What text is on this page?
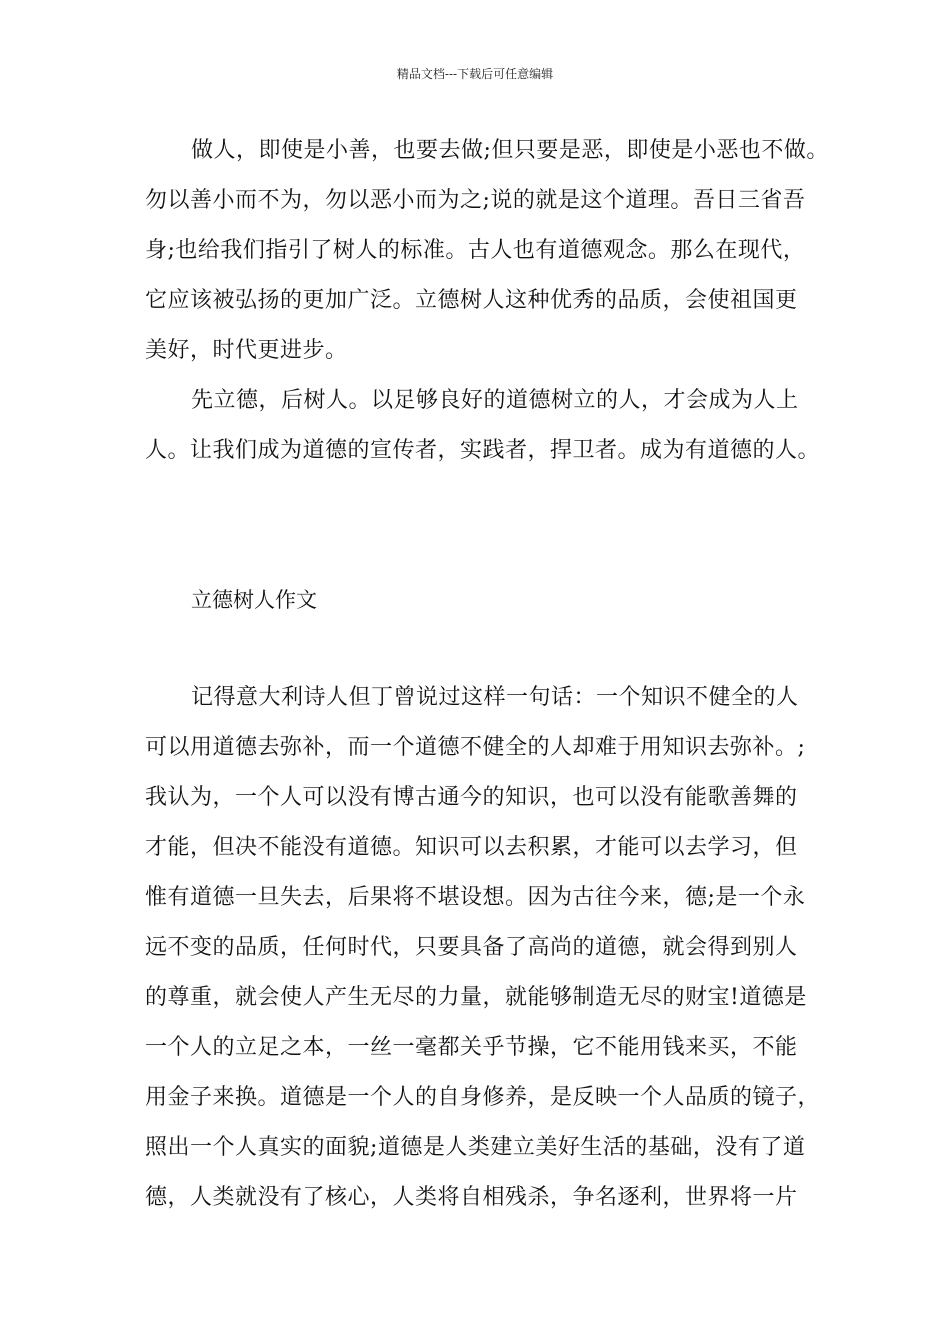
精品文档---下载后可任意编辑
做人，即使是小善，也要去做;但只要是恶，即使是小恶也不做。
勿以善小而不为，勿以恶小而为之;说的就是这个道理。吾日三省吾
身;也给我们指引了树人的标准。古人也有道德观念。那么在现代，
它应该被弘扬的更加广泛。立德树人这种优秀的品质，会使祖国更
美好，时代更进步。
先立德，后树人。以足够良好的道德树立的人，才会成为人上
人。让我们成为道德的宣传者，实践者，捍卫者。成为有道德的人。
立德树人作文
记得意大利诗人但丁曾说过这样一句话：一个知识不健全的人
可以用道德去弥补，而一个道德不健全的人却难于用知识去弥补。;
我认为，一个人可以没有博古通今的知识，也可以没有能歌善舞的
才能，但决不能没有道德。知识可以去积累，才能可以去学习，但
惟有道德一旦失去，后果将不堪设想。因为古往今来，德;是一个永
远不变的品质，任何时代，只要具备了高尚的道德，就会得到别人
的尊重，就会使人产生无尽的力量，就能够制造无尽的财宝!道德是
一个人的立足之本，一丝一毫都关乎节操，它不能用钱来买，不能
用金子来换。道德是一个人的自身修养，是反映一个人品质的镜子，
照出一个人真实的面貌;道德是人类建立美好生活的基础，没有了道
德，人类就没有了核心，人类将自相残杀，争名逐利，世界将一片
